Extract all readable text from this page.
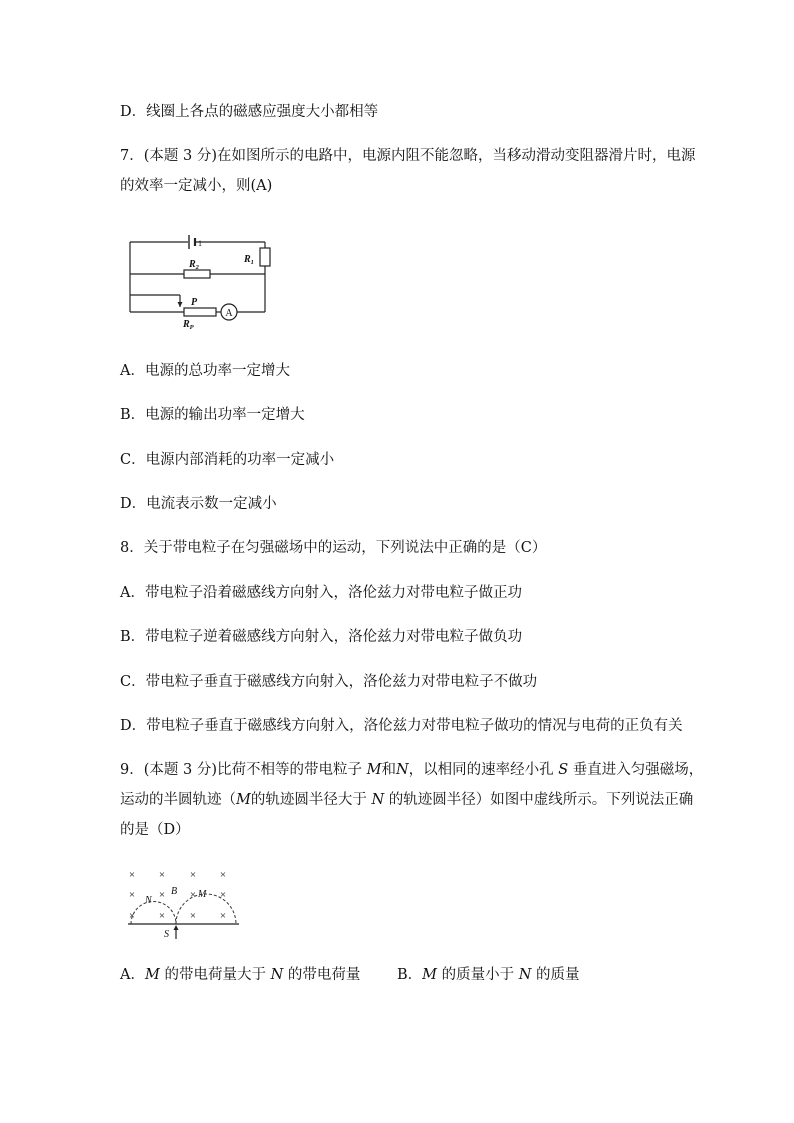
D．线圈上各点的磁感应强度大小都相等

7．(本题 3 分)在如图所示的电路中，电源内阻不能忽略，当移动滑动变阻器滑片时，电源

的效率一定减小，则(A)

1
$R_1$
$R_2$
P
$R_P$
A

A．电源的总功率一定增大

B．电源的输出功率一定增大

C．电源内部消耗的功率一定减小

D．电流表示数一定减小

8．关于带电粒子在匀强磁场中的运动，下列说法中正确的是（C）

A．带电粒子沿着磁感线方向射入，洛伦兹力对带电粒子做正功

B．带电粒子逆着磁感线方向射入，洛伦兹力对带电粒子做负功

C．带电粒子垂直于磁感线方向射入，洛伦兹力对带电粒子不做功

D．带电粒子垂直于磁感线方向射入，洛伦兹力对带电粒子做功的情况与电荷的正负有关

9．(本题 3 分)比荷不相等的带电粒子 M和N，以相同的速率经小孔 S 垂直进入匀强磁场，

运动的半圆轨迹（M的轨迹圆半径大于 N 的轨迹圆半径）如图中虚线所示。下列说法正确

的是（D）

× × × ×
× × × ×
× × × ×
B
N
M
S

A．M 的带电荷量大于 N 的带电荷量	B．M 的质量小于 N 的质量
